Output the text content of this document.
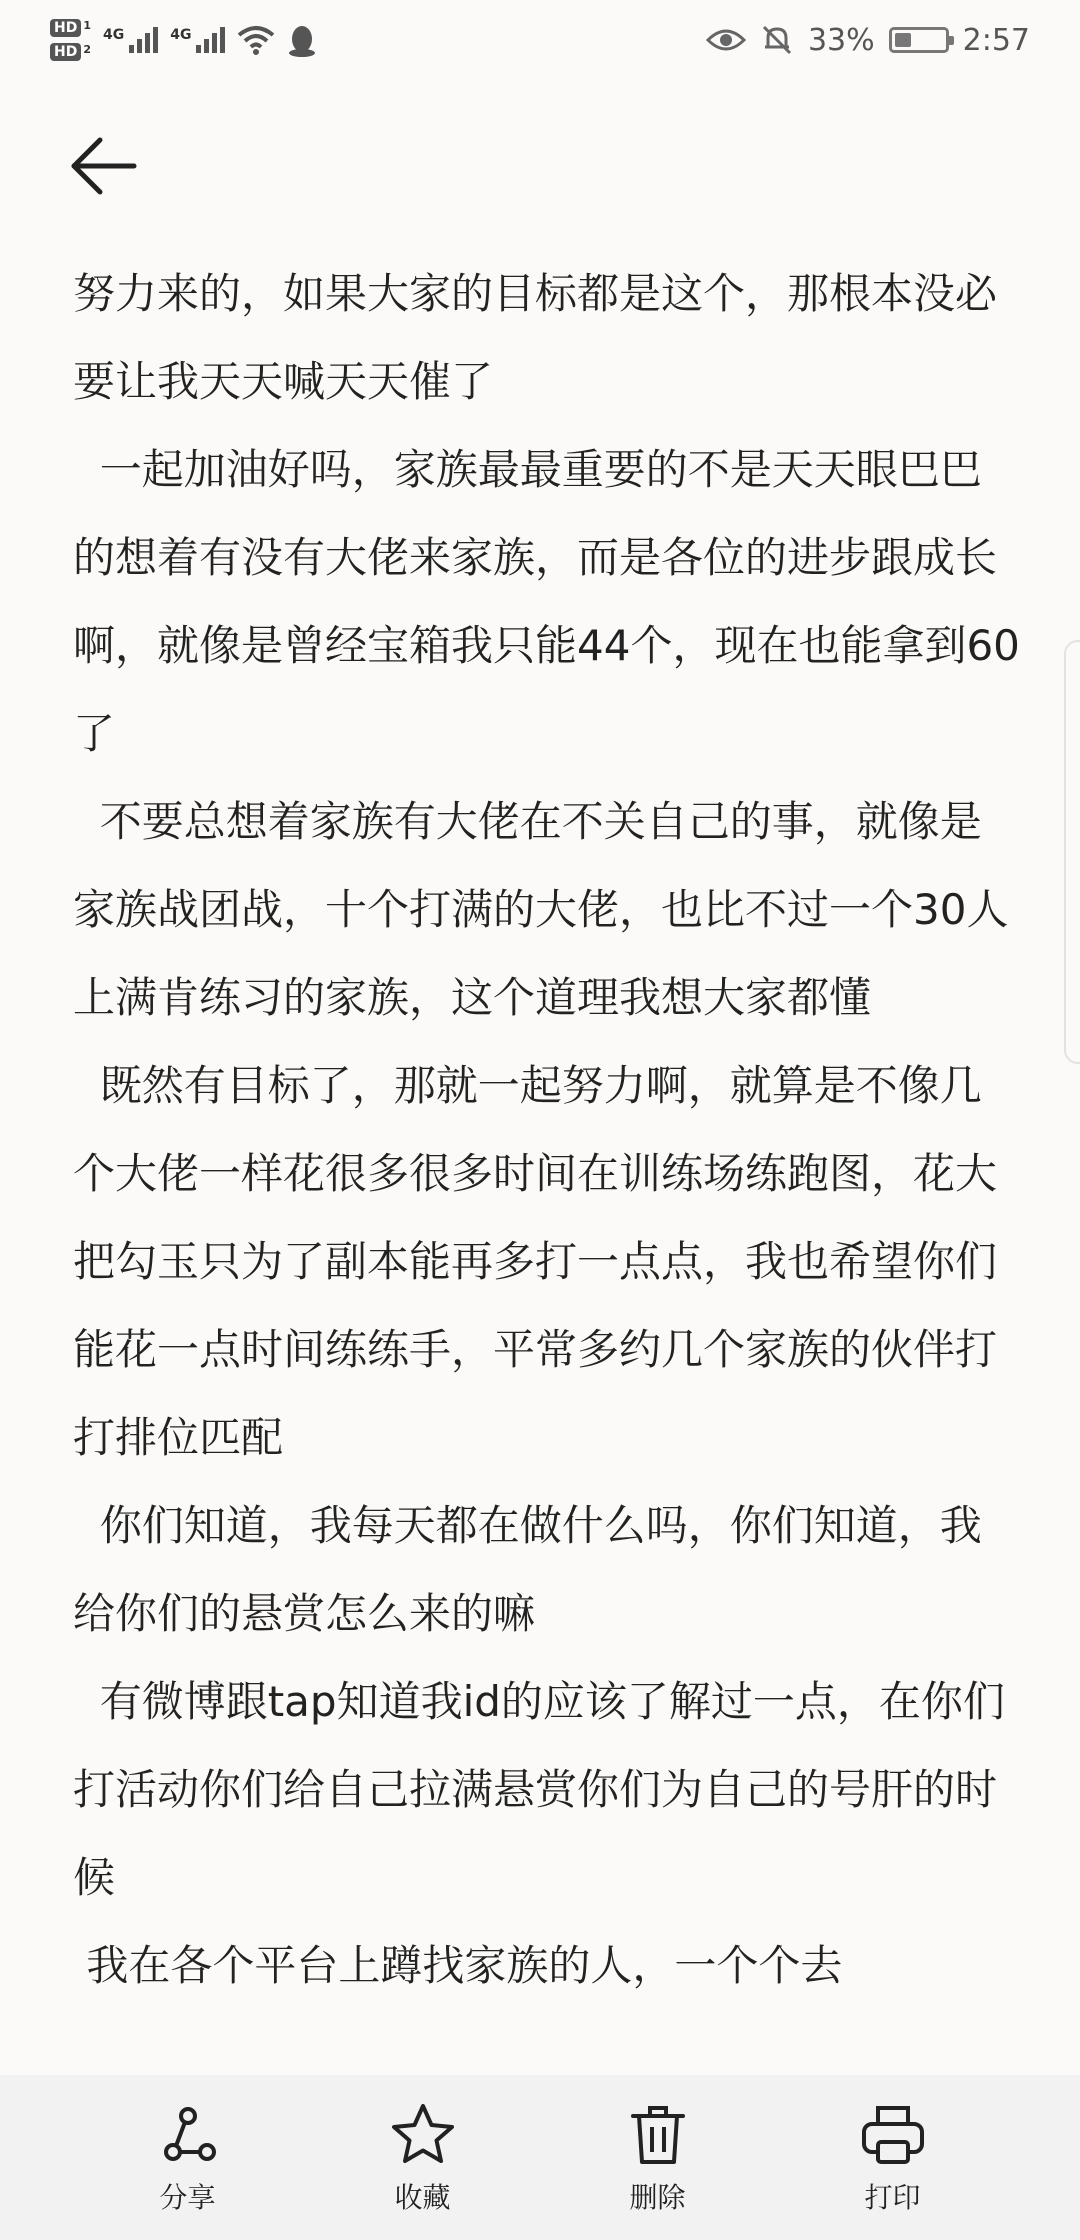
HD 1
HD 2
4G	4G	33%	2:57

努力来的，如果大家的目标都是这个，那根本没必要让我天天喊天天催了

一起加油好吗，家族最最重要的不是天天眼巴巴的想着有没有大佬来家族，而是各位的进步跟成长啊，就像是曾经宝箱我只能44个，现在也能拿到60了

不要总想着家族有大佬在不关自己的事，就像是家族战团战，十个打满的大佬，也比不过一个30人上满肯练习的家族，这个道理我想大家都懂

既然有目标了，那就一起努力啊，就算是不像几个大佬一样花很多很多时间在训练场练跑图，花大把勾玉只为了副本能再多打一点点，我也希望你们能花一点时间练练手，平常多约几个家族的伙伴打打排位匹配

你们知道，我每天都在做什么吗，你们知道，我给你们的悬赏怎么来的嘛

有微博跟tap知道我id的应该了解过一点，在你们打活动你们给自己拉满悬赏你们为自己的号肝的时候

我在各个平台上蹲找家族的人，一个个去

分享	收藏	删除	打印
